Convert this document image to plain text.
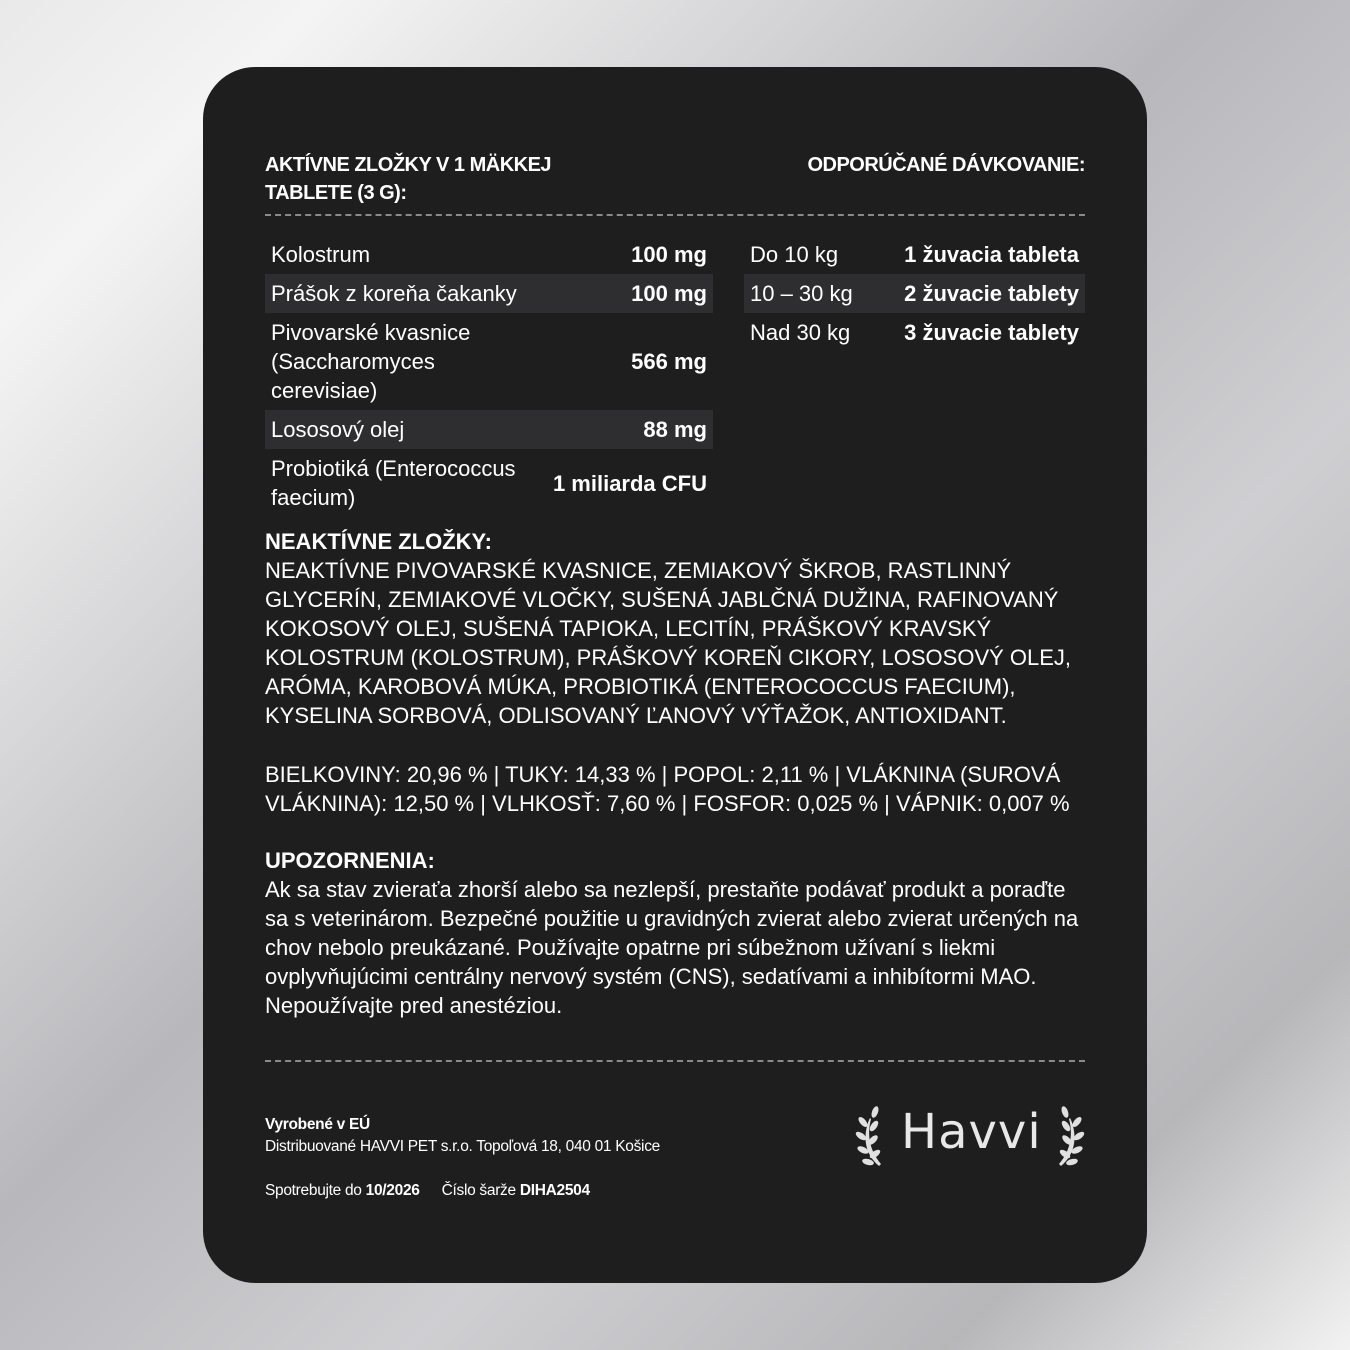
AKTÍVNE ZLOŽKY V 1 MÄKKEJ TABLETE (3 G):
ODPORÚČANÉ DÁVKOVANIE:
Kolostrum	100 mg
Prášok z koreňa čakanky	100 mg
Pivovarské kvasnice (Saccharomyces cerevisiae)	566 mg
Lososový olej	88 mg
Probiotiká (Enterococcus faecium)	1 miliarda CFU
Do 10 kg	1 žuvacia tableta
10 – 30 kg	2 žuvacie tablety
Nad 30 kg	3 žuvacie tablety
NEAKTÍVNE ZLOŽKY:
NEAKTÍVNE PIVOVARSKÉ KVASNICE, ZEMIAKOVÝ ŠKROB, RASTLINNÝ GLYCERÍN, ZEMIAKOVÉ VLOČKY, SUŠENÁ JABLČNÁ DUŽINA, RAFINOVANÝ KOKOSOVÝ OLEJ, SUŠENÁ TAPIOKA, LECITÍN, PRÁŠKOVÝ KRAVSKÝ KOLOSTRUM (KOLOSTRUM), PRÁŠKOVÝ KOREŇ CIKORY, LOSOSOVÝ OLEJ, ARÓMA, KAROBOVÁ MÚKA, PROBIOTIKÁ (ENTEROCOCCUS FAECIUM), KYSELINA SORBOVÁ, ODLISOVANÝ ĽANOVÝ VÝŤAŽOK, ANTIOXIDANT.
BIELKOVINY: 20,96 % | TUKY: 14,33 % | POPOL: 2,11 % | VLÁKNINA (SUROVÁ VLÁKNINA): 12,50 % | VLHKOSŤ: 7,60 % | FOSFOR: 0,025 % | VÁPNIK: 0,007 %
UPOZORNENIA:
Ak sa stav zvieraťa zhorší alebo sa nezlepší, prestaňte podávať produkt a poraďte sa s veterinárom. Bezpečné použitie u gravidných zvierat alebo zvierat určených na chov nebolo preukázané. Používajte opatrne pri súbežnom užívaní s liekmi ovplyvňujúcimi centrálny nervový systém (CNS), sedatívami a inhibítormi MAO. Nepoužívajte pred anestéziou.
Vyrobené v EÚ
Distribuované HAVVI PET s.r.o. Topoľová 18, 040 01 Košice
Spotrebujte do 10/2026 Číslo šarže DIHA2504
Havvi
